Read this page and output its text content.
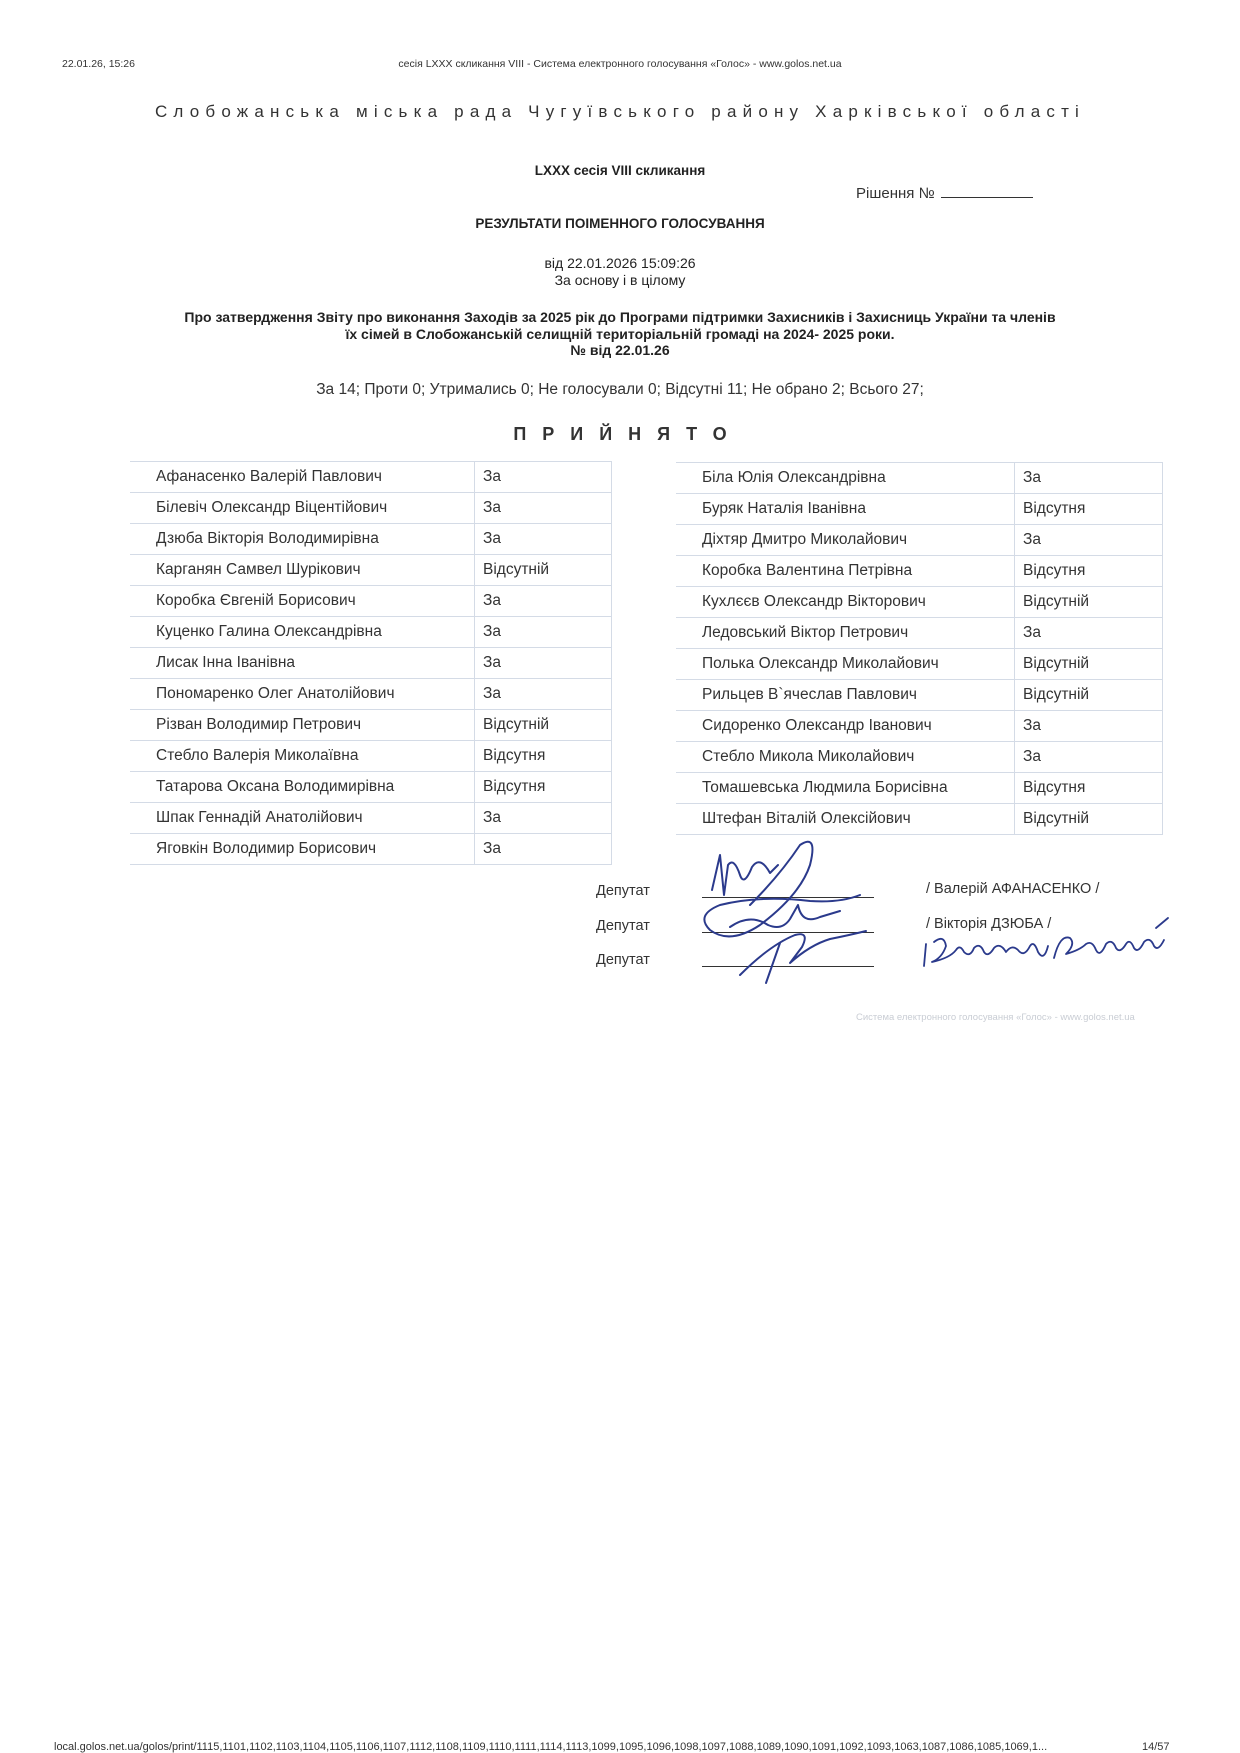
22.01.26, 15:26	сесія LXXX скликання VIII - Система електронного голосування «Голос» - www.golos.net.ua
Слобожанська міська рада Чугуївського району Харківської області
LXXX сесія VIII скликання
Рішення №
РЕЗУЛЬТАТИ ПОІМЕННОГО ГОЛОСУВАННЯ
від 22.01.2026 15:09:26
За основу і в цілому
Про затвердження Звіту про виконання Заходів за 2025 рік до Програми підтримки Захисників і Захисниць України та членів
їх сімей в Слобожанській селищній територіальній громаді на 2024- 2025 роки.
№ від 22.01.26
За 14; Проти 0; Утримались 0; Не голосували 0; Відсутні 11; Не обрано 2; Всього 27;
ПРИЙНЯТО
Афанасенко Валерій Павлович	За
Білевіч Олександр Віцентійович	За
Дзюба Вікторія Володимирівна	За
Карганян Самвел Шурікович	Відсутній
Коробка Євгеній Борисович	За
Куценко Галина Олександрівна	За
Лисак Інна Іванівна	За
Пономаренко Олег Анатолійович	За
Різван Володимир Петрович	Відсутній
Стебло Валерія Миколаївна	Відсутня
Татарова Оксана Володимирівна	Відсутня
Шпак Геннадій Анатолійович	За
Яговкін Володимир Борисович	За
Біла Юлія Олександрівна	За
Буряк Наталія Іванівна	Відсутня
Діхтяр Дмитро Миколайович	За
Коробка Валентина Петрівна	Відсутня
Кухлєєв Олександр Вікторович	Відсутній
Ледовський Віктор Петрович	За
Полька Олександр Миколайович	Відсутній
Рильцев В`ячеслав Павлович	Відсутній
Сидоренко Олександр Іванович	За
Стебло Микола Миколайович	За
Томашевська Людмила Борисівна	Відсутня
Штефан Віталій Олексійович	Відсутній
Депутат
Депутат
Депутат
/ Валерій АФАНАСЕНКО /
/ Вікторія ДЗЮБА /
Система електронного голосування «Голос» - www.golos.net.ua
local.golos.net.ua/golos/print/1115,1101,1102,1103,1104,1105,1106,1107,1112,1108,1109,1110,1111,1114,1113,1099,1095,1096,1098,1097,1088,1089,1090,1091,1092,1093,1063,1087,1086,1085,1069,1...	14/57
